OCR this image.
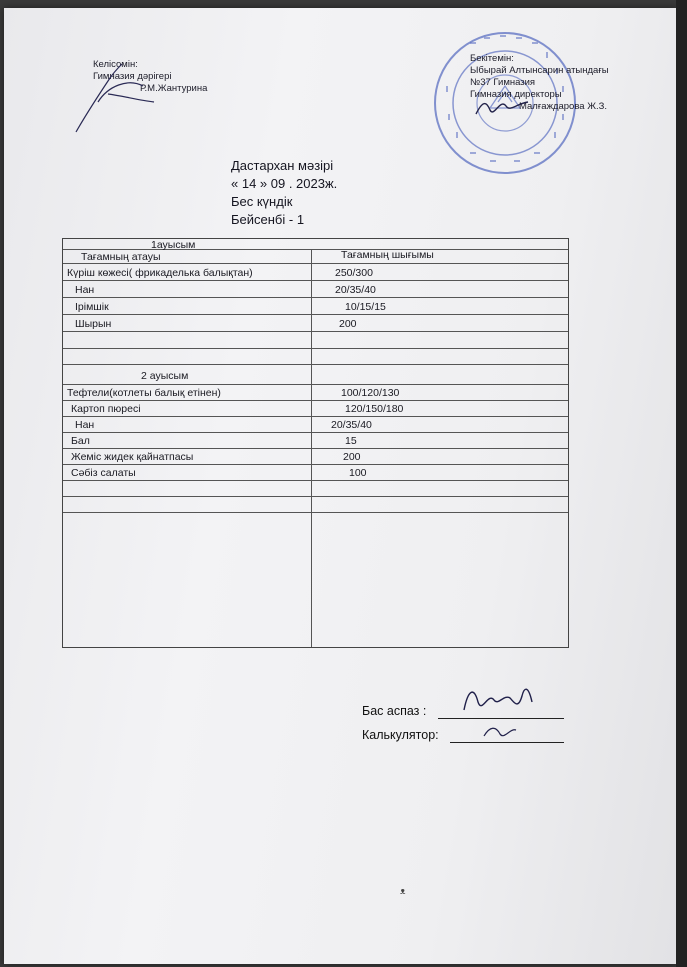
Келісомін:
Гимназия дәрігері
Р.М.Жантурина
Бекітемін:
Ыбырай Алтынсарин атындағы
№37 Гимназия
Гимназия директоры
Малғаждарова Ж.З.
Дастархан мәзірі
« 14 » 09 . 2023ж.
Бес күндік
Бейсенбі - 1
1ауысым
Тағамның атауы	Тағамның шығымы
Күріш көжесі( фрикаделька балықтан)	250/300
Нан	20/35/40
Ірімшік	10/15/15
Шырын	200
2 ауысым
Тефтели(котлеты балық етінен)	100/120/130
Картоп пюресі	120/150/180
Нан	20/35/40
Бал	15
Жеміс жидек қайнатпасы	200
Сәбіз салаты	100
Бас аспаз :
Калькулятор:
ᴥ
